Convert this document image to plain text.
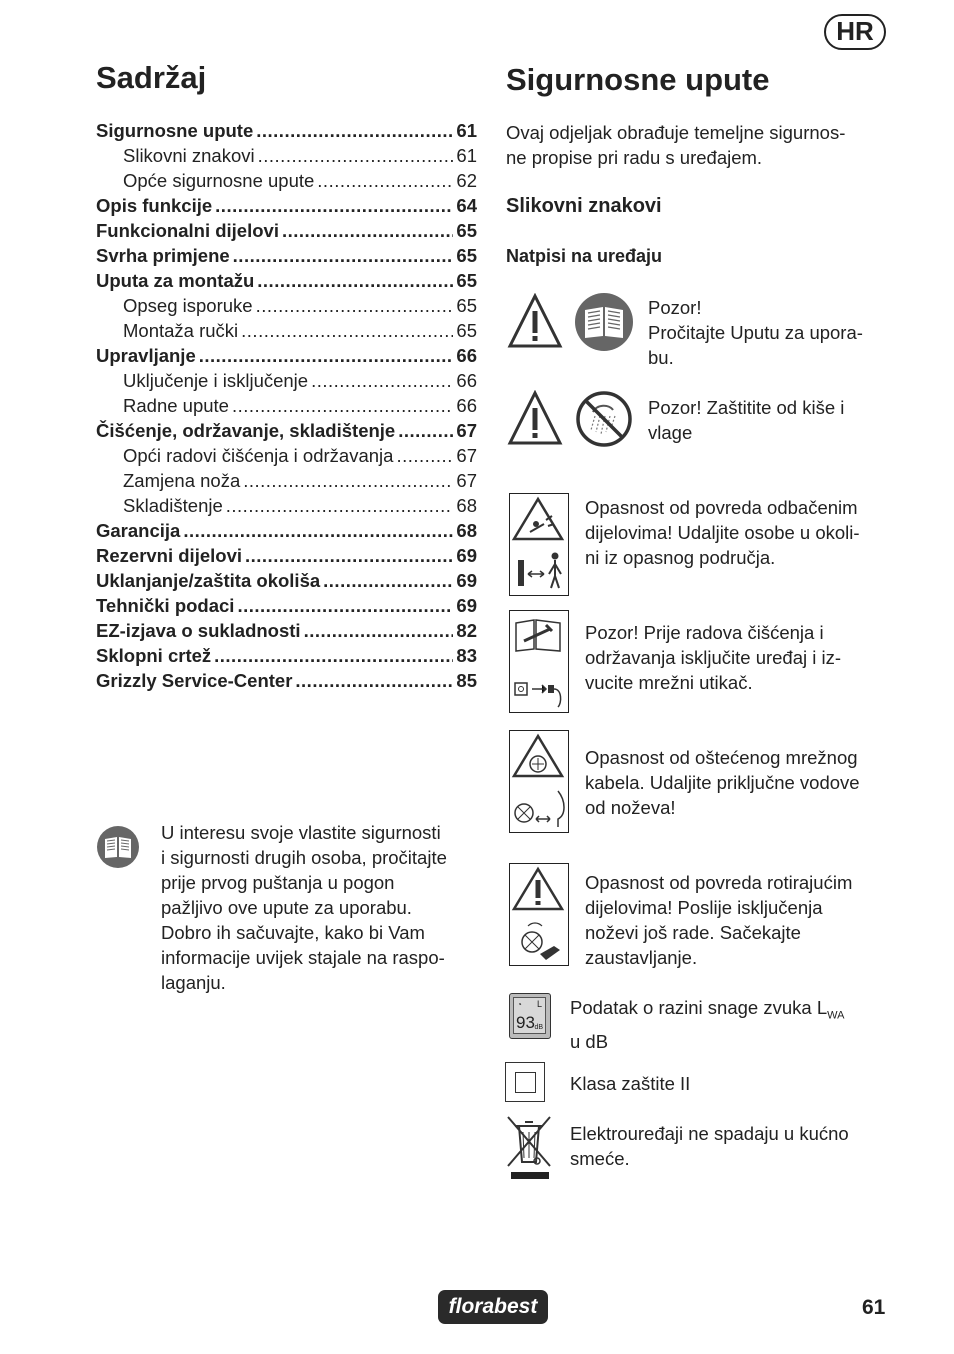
HR
Sadržaj
Sigurnosne upute .....	61
Slikovni znakovi .....	61
Opće sigurnosne upute .....	62
Opis funkcije .....	64
Funkcionalni dijelovi .....	65
Svrha primjene .....	65
Uputa za montažu .....	65
Opseg isporuke .....	65
Montaža ručki .....	65
Upravljanje .....	66
Uključenje i isključenje .....	66
Radne upute .....	66
Čišćenje, održavanje, skladištenje .....	67
Opći radovi čišćenja i održavanja .....	67
Zamjena noža .....	67
Skladištenje .....	68
Garancija .....	68
Rezervni dijelovi .....	69
Uklanjanje/zaštita okoliša .....	69
Tehnički podaci .....	69
EZ-izjava o sukladnosti .....	82
Sklopni crtež .....	83
Grizzly Service-Center .....	85
U interesu svoje vlastite sigurnosti
i sigurnosti drugih osoba, pročitajte
prije prvog puštanja u pogon
pažljivo ove upute za uporabu.
Dobro ih sačuvajte, kako bi Vam
informacije uvijek stajale na raspo-
laganju.
Sigurnosne upute
Ovaj odjeljak obrađuje temeljne sigurnos-
ne propise pri radu s uređajem.
Slikovni znakovi
Natpisi na uređaju
Pozor!
Pročitajte Uputu za upora-
bu.
Pozor! Zaštitite od kiše i
vlage
Opasnost od povreda odbačenim
dijelovima! Udaljite osobe u okoli-
ni iz opasnog područja.
Pozor! Prije radova čišćenja i
održavanja isključite uređaj i iz-
vucite mrežni utikač.
Opasnost od oštećenog mrežnog
kabela. Udaljite priključne vodove
od noževa!
Opasnost od povreda rotirajućim
dijelovima! Poslije isključenja
noževi još rade. Sačekajte
zaustavljanje.
◔ L
93 dB
Podatak o razini snage zvuka $L_{WA}$
u dB
Klasa zaštite II
Elektrouređaji ne spadaju u kućno
smeće.
florabest	61
